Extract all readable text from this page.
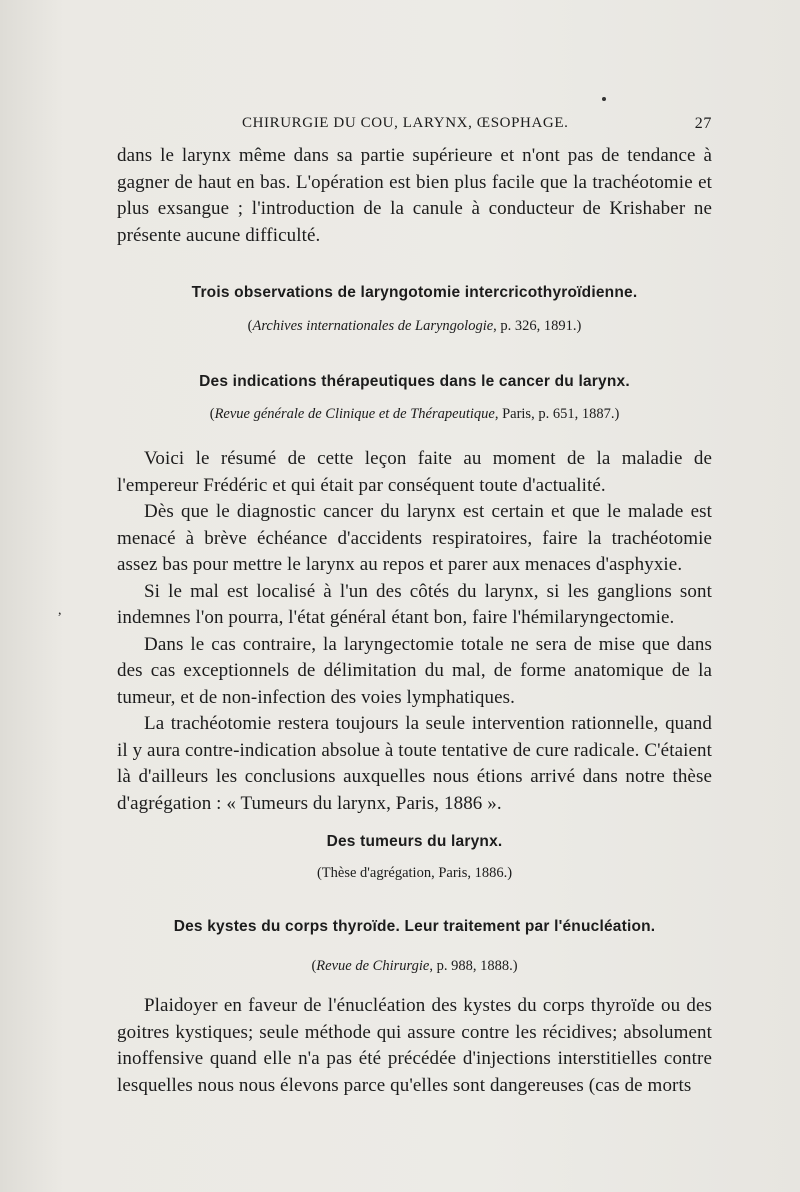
CHIRURGIE DU COU, LARYNX, ŒSOPHAGE.	27

dans le larynx même dans sa partie supérieure et n'ont pas de tendance à gagner de haut en bas. L'opération est bien plus facile que la trachéotomie et plus exsangue ; l'introduction de la canule à conducteur de Krishaber ne présente aucune difficulté.

Trois observations de laryngotomie intercricothyroïdienne.
(Archives internationales de Laryngologie, p. 326, 1891.)
Des indications thérapeutiques dans le cancer du larynx.
(Revue générale de Clinique et de Thérapeutique, Paris, p. 651, 1887.)

Voici le résumé de cette leçon faite au moment de la maladie de l'empereur Frédéric et qui était par conséquent toute d'actualité.

Dès que le diagnostic cancer du larynx est certain et que le malade est menacé à brève échéance d'accidents respiratoires, faire la trachéotomie assez bas pour mettre le larynx au repos et parer aux menaces d'asphyxie.

Si le mal est localisé à l'un des côtés du larynx, si les ganglions sont indemnes l'on pourra, l'état général étant bon, faire l'hémilaryngectomie.

Dans le cas contraire, la laryngectomie totale ne sera de mise que dans des cas exceptionnels de délimitation du mal, de forme anatomique de la tumeur, et de non-infection des voies lymphatiques.

La trachéotomie restera toujours la seule intervention rationnelle, quand il y aura contre-indication absolue à toute tentative de cure radicale. C'étaient là d'ailleurs les conclusions auxquelles nous étions arrivé dans notre thèse d'agrégation : « Tumeurs du larynx, Paris, 1886 ».

,
Des tumeurs du larynx.
(Thèse d'agrégation, Paris, 1886.)
Des kystes du corps thyroïde. Leur traitement par l'énucléation.
(Revue de Chirurgie, p. 988, 1888.)

Plaidoyer en faveur de l'énucléation des kystes du corps thyroïde ou des goitres kystiques; seule méthode qui assure contre les récidives; absolument inoffensive quand elle n'a pas été précédée d'injections interstitielles contre lesquelles nous nous élevons parce qu'elles sont dangereuses (cas de morts
